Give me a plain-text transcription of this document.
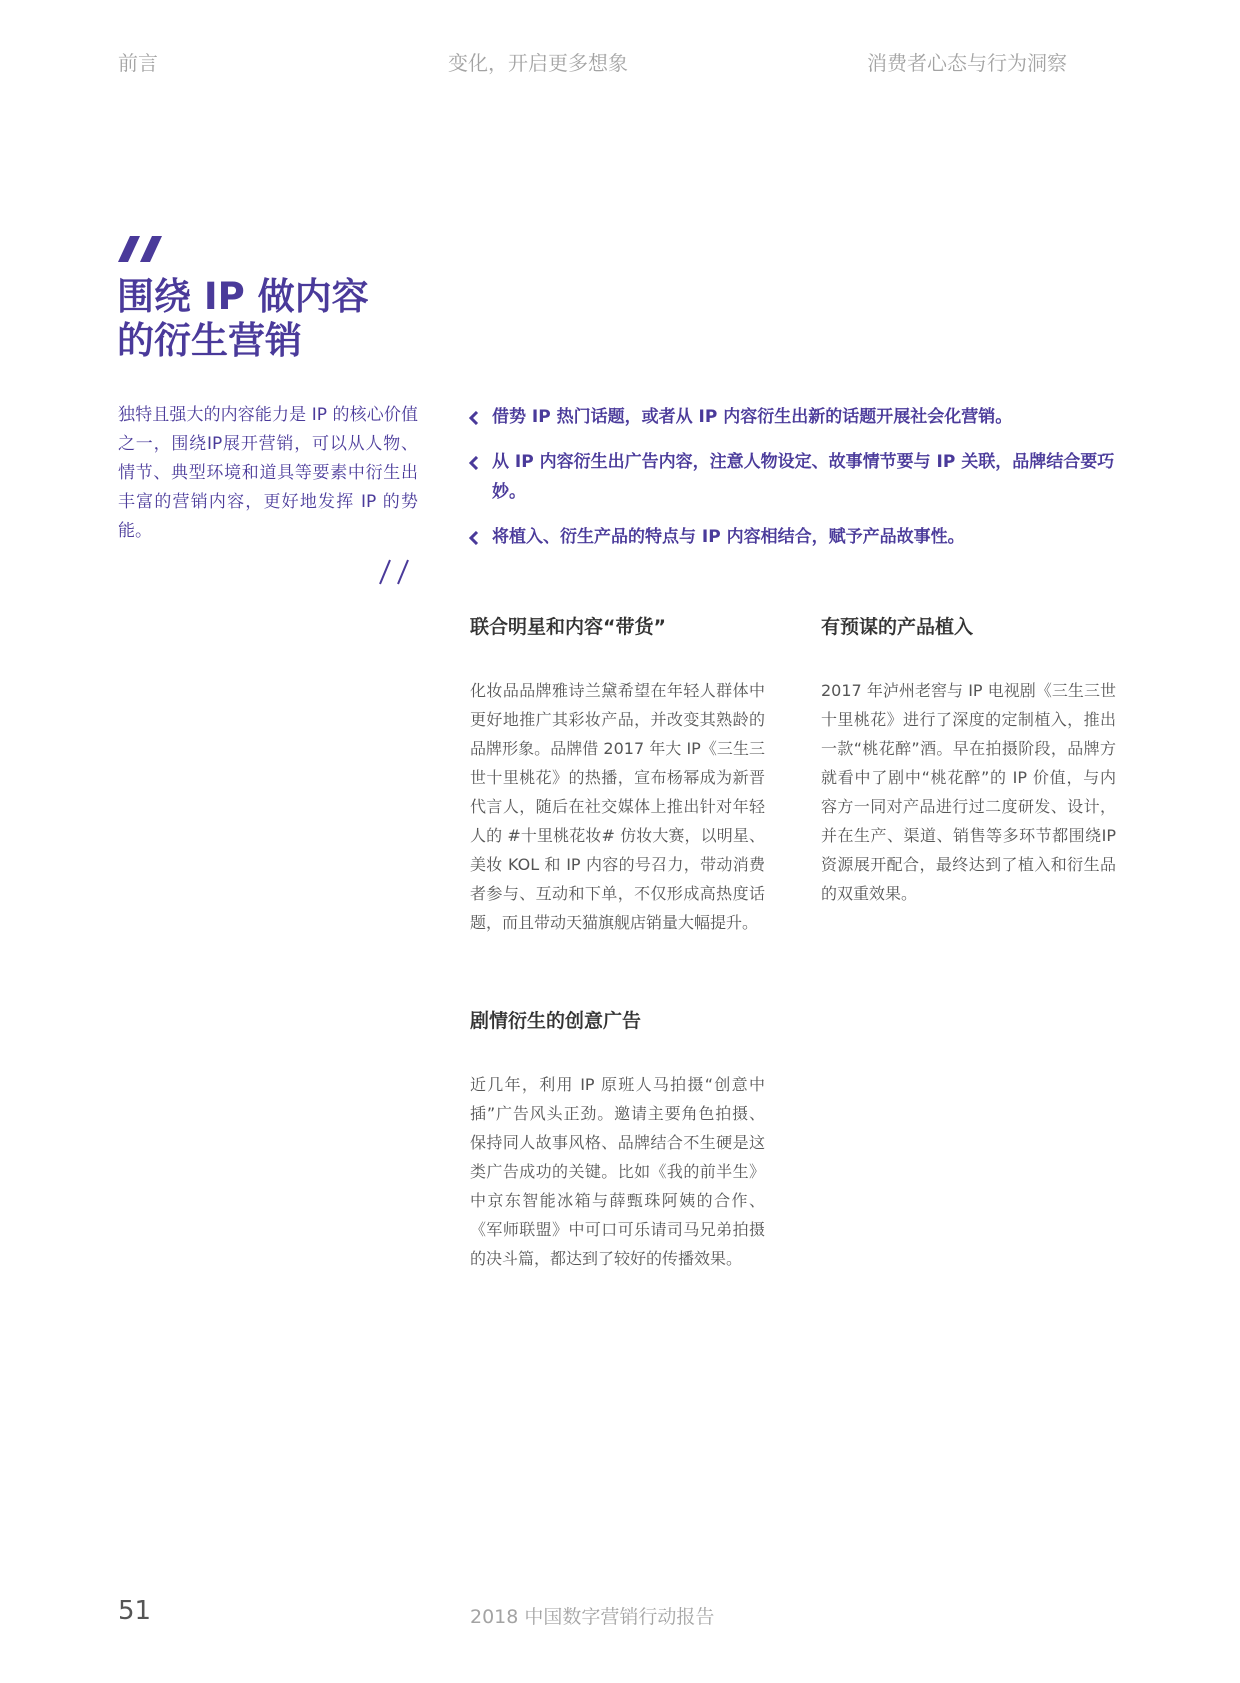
前言	变化，开启更多想象	消费者心态与行为洞察
围绕 IP 做内容
的衍生营销
独特且强大的内容能力是 IP 的核心价值之一，围绕IP展开营销，可以从人物、情节、典型环境和道具等要素中衍生出丰富的营销内容，更好地发挥 IP 的势能。
借势 IP 热门话题，或者从 IP 内容衍生出新的话题开展社会化营销。
从 IP 内容衍生出广告内容，注意人物设定、故事情节要与 IP 关联，品牌结合要巧妙。
将植入、衍生产品的特点与 IP 内容相结合，赋予产品故事性。
联合明星和内容“带货”
化妆品品牌雅诗兰黛希望在年轻人群体中更好地推广其彩妆产品，并改变其熟龄的品牌形象。品牌借 2017 年大 IP《三生三世十里桃花》的热播，宣布杨幂成为新晋代言人，随后在社交媒体上推出针对年轻人的 #十里桃花妆# 仿妆大赛，以明星、美妆 KOL 和 IP 内容的号召力，带动消费者参与、互动和下单，不仅形成高热度话题，而且带动天猫旗舰店销量大幅提升。
有预谋的产品植入
2017 年泸州老窖与 IP 电视剧《三生三世十里桃花》进行了深度的定制植入，推出一款“桃花醉”酒。早在拍摄阶段，品牌方就看中了剧中“桃花醉”的 IP 价值，与内容方一同对产品进行过二度研发、设计，并在生产、渠道、销售等多环节都围绕IP资源展开配合，最终达到了植入和衍生品的双重效果。
剧情衍生的创意广告
近几年，利用 IP 原班人马拍摄“创意中插”广告风头正劲。邀请主要角色拍摄、保持同人故事风格、品牌结合不生硬是这类广告成功的关键。比如《我的前半生》中京东智能冰箱与薛甄珠阿姨的合作、《军师联盟》中可口可乐请司马兄弟拍摄的决斗篇，都达到了较好的传播效果。
51	2018 中国数字营销行动报告
